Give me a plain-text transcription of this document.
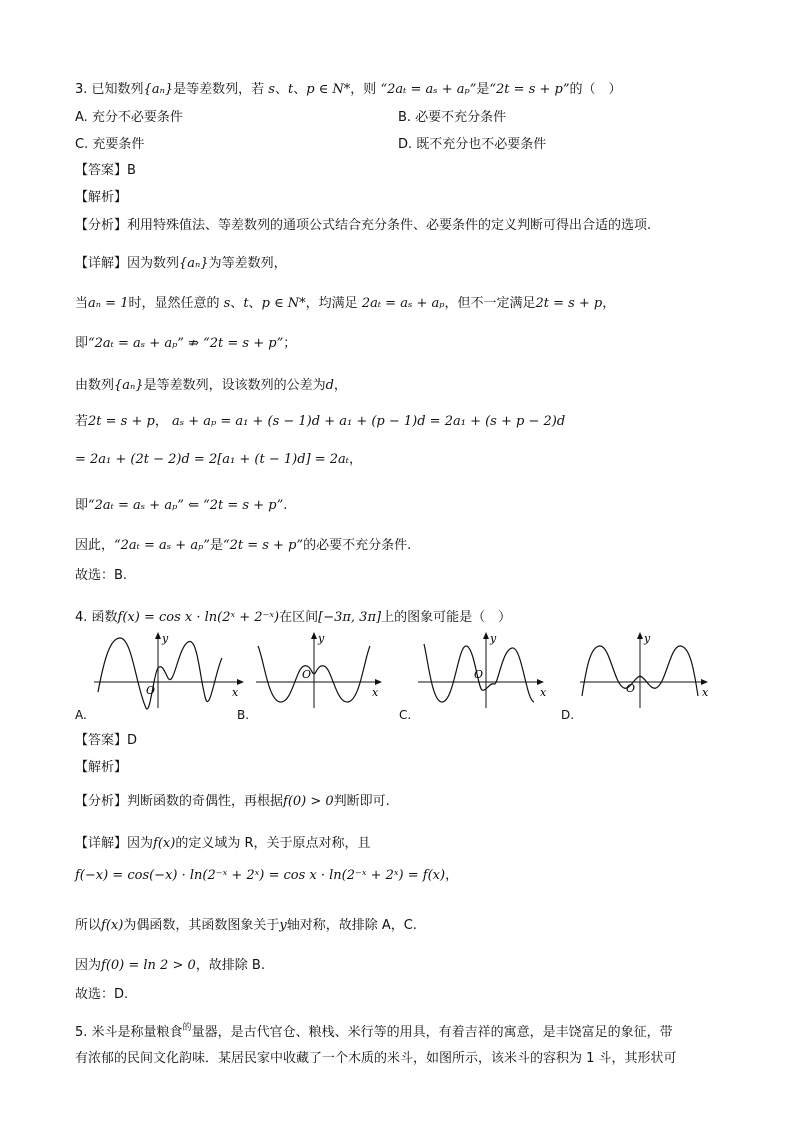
3. 已知数列{aₙ}是等差数列，若 s、t、p ∈ N*，则 “2aₜ = aₛ + aₚ”是“2t = s + p”的（　）
A. 充分不必要条件	B. 必要不充分条件
C. 充要条件	D. 既不充分也不必要条件
【答案】B
【解析】
【分析】利用特殊值法、等差数列的通项公式结合充分条件、必要条件的定义判断可得出合适的选项.
【详解】因为数列{aₙ}为等差数列，
当aₙ = 1时，显然任意的 s、t、p ∈ N*，均满足 2aₜ = aₛ + aₚ，但不一定满足2t = s + p，
即“2aₜ = aₛ + aₚ” ⇏ “2t = s + p”；
由数列{aₙ}是等差数列，设该数列的公差为d，
若2t = s + p， aₛ + aₚ = a₁ + (s − 1)d + a₁ + (p − 1)d = 2a₁ + (s + p − 2)d
= 2a₁ + (2t − 2)d = 2[a₁ + (t − 1)d] = 2aₜ，
即“2aₜ = aₛ + aₚ” ⇐ “2t = s + p”.
因此，“2aₜ = aₛ + aₚ”是“2t = s + p”的必要不充分条件.
故选：B.
4. 函数f(x) = cos x · ln(2ˣ + 2⁻ˣ)在区间[−3π, 3π]上的图象可能是（　）
O
y
x
O
y
x
O
y
x	O
y
x
A.	B.	C.	D.
【答案】D
【解析】
【分析】判断函数的奇偶性，再根据f(0) > 0判断即可.
【详解】因为f(x)的定义域为 R，关于原点对称，且
f(−x) = cos(−x) · ln(2⁻ˣ + 2ˣ) = cos x · ln(2⁻ˣ + 2ˣ) = f(x)，
所以f(x)为偶函数，其函数图象关于y轴对称，故排除 A，C.
因为f(0) = ln 2 > 0，故排除 B.
故选：D.
5. 米斗是称量粮食$^的$量器，是古代官仓、粮栈、米行等的用具，有着吉祥的寓意，是丰饶富足的象征，带
有浓郁的民间文化韵味．某居民家中收藏了一个木质的米斗，如图所示，该米斗的容积为 1 斗，其形状可
